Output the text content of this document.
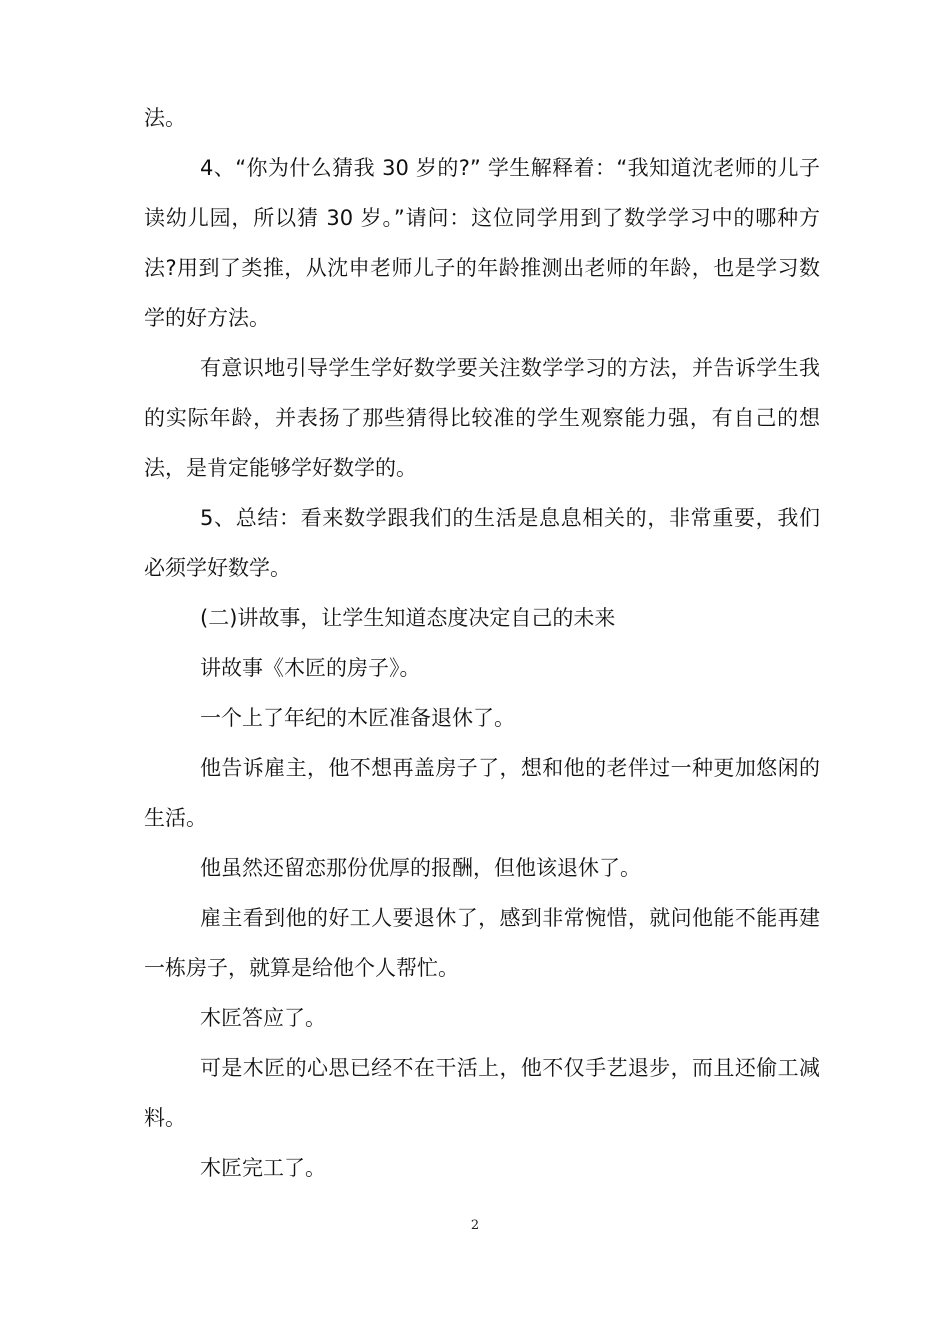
法。

4、“你为什么猜我 30 岁的?” 学生解释着：“我知道沈老师的儿子读幼儿园，所以猜 30 岁。”请问：这位同学用到了数学学习中的哪种方法?用到了类推，从沈申老师儿子的年龄推测出老师的年龄，也是学习数学的好方法。

有意识地引导学生学好数学要关注数学学习的方法，并告诉学生我的实际年龄，并表扬了那些猜得比较准的学生观察能力强，有自己的想法，是肯定能够学好数学的。

5、总结：看来数学跟我们的生活是息息相关的，非常重要，我们必须学好数学。

(二)讲故事，让学生知道态度决定自己的未来

讲故事《木匠的房子》。

一个上了年纪的木匠准备退休了。

他告诉雇主，他不想再盖房子了，想和他的老伴过一种更加悠闲的生活。

他虽然还留恋那份优厚的报酬，但他该退休了。

雇主看到他的好工人要退休了，感到非常惋惜，就问他能不能再建一栋房子，就算是给他个人帮忙。

木匠答应了。

可是木匠的心思已经不在干活上，他不仅手艺退步，而且还偷工减料。

木匠完工了。

2
